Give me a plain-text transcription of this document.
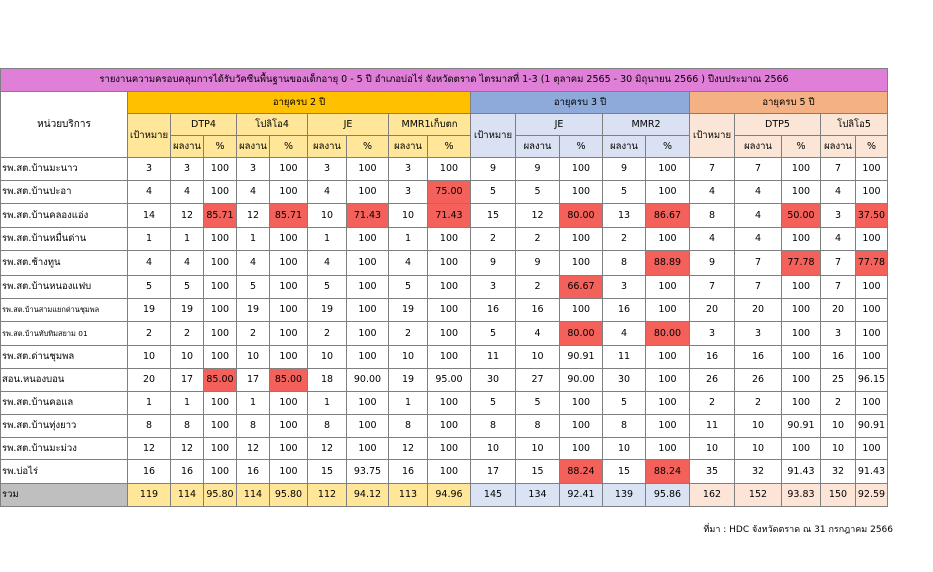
รายงานความครอบคลุมการได้รับวัคซีนพื้นฐานของเด็กอายุ 0 - 5 ปี อำเภอบ่อไร่ จังหวัดตราด ไตรมาสที่ 1-3 (1 ตุลาคม 2565 - 30 มิถุนายน 2566 ) ปีงบประมาณ 2566																			
หน่วยบริการ	อายุครบ 2 ปี									อายุครบ 3 ปี					อายุครบ 5 ปี				
	เป้าหมาย	DTP4		โปลิโอ4		JE		MMR1เก็บตก		เป้าหมาย	JE		MMR2		เป้าหมาย	DTP5		โปลิโอ5	
		ผลงาน	%	ผลงาน	%	ผลงาน	%	ผลงาน	%		ผลงาน	%	ผลงาน	%		ผลงาน	%	ผลงาน	%
รพ.สต.บ้านมะนาว	3	3	100	3	100	3	100	3	100	9	9	100	9	100	7	7	100	7	100
รพ.สต.บ้านปะอา	4	4	100	4	100	4	100	3	75.00	5	5	100	5	100	4	4	100	4	100
รพ.สต.บ้านคลองแอ่ง	14	12	85.71	12	85.71	10	71.43	10	71.43	15	12	80.00	13	86.67	8	4	50.00	3	37.50
รพ.สต.บ้านหมื่นด่าน	1	1	100	1	100	1	100	1	100	2	2	100	2	100	4	4	100	4	100
รพ.สต.ช้างทูน	4	4	100	4	100	4	100	4	100	9	9	100	8	88.89	9	7	77.78	7	77.78
รพ.สต.บ้านหนองแฟบ	5	5	100	5	100	5	100	5	100	3	2	66.67	3	100	7	7	100	7	100
รพ.สต.บ้านสามแยกด่านชุมพล	19	19	100	19	100	19	100	19	100	16	16	100	16	100	20	20	100	20	100
รพ.สต.บ้านทับทิมสยาม 01	2	2	100	2	100	2	100	2	100	5	4	80.00	4	80.00	3	3	100	3	100
รพ.สต.ด่านชุมพล	10	10	100	10	100	10	100	10	100	11	10	90.91	11	100	16	16	100	16	100
สอน.หนองบอน	20	17	85.00	17	85.00	18	90.00	19	95.00	30	27	90.00	30	100	26	26	100	25	96.15
รพ.สต.บ้านคอแล	1	1	100	1	100	1	100	1	100	5	5	100	5	100	2	2	100	2	100
รพ.สต.บ้านทุ่งยาว	8	8	100	8	100	8	100	8	100	8	8	100	8	100	11	10	90.91	10	90.91
รพ.สต.บ้านมะม่วง	12	12	100	12	100	12	100	12	100	10	10	100	10	100	10	10	100	10	100
รพ.บ่อไร่	16	16	100	16	100	15	93.75	16	100	17	15	88.24	15	88.24	35	32	91.43	32	91.43
รวม	119	114	95.80	114	95.80	112	94.12	113	94.96	145	134	92.41	139	95.86	162	152	93.83	150	92.59
ที่มา : HDC จังหวัดตราด ณ 31 กรกฎาคม 2566
